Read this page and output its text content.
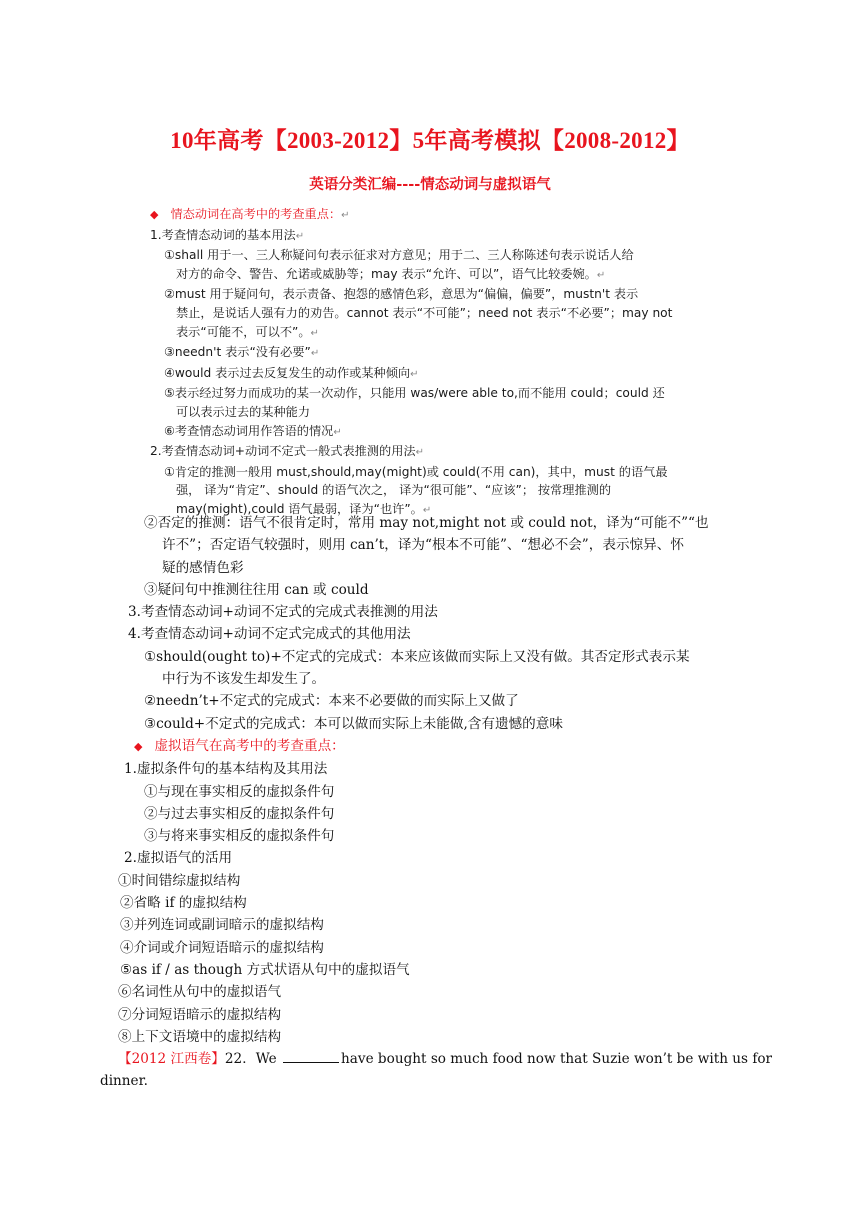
10年高考【2003-2012】5年高考模拟【2008-2012】
英语分类汇编----情态动词与虚拟语气
◆ 情态动词在高考中的考查重点：↵
1.考查情态动词的基本用法↵
①shall 用于一、三人称疑问句表示征求对方意见；用于二、三人称陈述句表示说话人给
对方的命令、警告、允诺或威胁等；may 表示“允许、可以”，语气比较委婉。↵
②must 用于疑问句，表示责备、抱怨的感情色彩，意思为“偏偏，偏要”，mustn't 表示
禁止，是说话人强有力的劝告。cannot 表示“不可能”；need not 表示“不必要”；may not
表示“可能不，可以不”。↵
③needn't 表示“没有必要”↵
④would 表示过去反复发生的动作或某种倾向↵
⑤表示经过努力而成功的某一次动作，只能用 was/were able to,而不能用 could；could 还
可以表示过去的某种能力
⑥考查情态动词用作答语的情况↵
2.考查情态动词+动词不定式一般式表推测的用法↵
①肯定的推测一般用 must,should,may(might)或 could(不用 can)，其中，must 的语气最
强， 译为“肯定”、should 的语气次之， 译为“很可能”、“应该”； 按常理推测的
may(might),could 语气最弱，译为“也许”。↵

②否定的推测：语气不很肯定时，常用 may not,might not 或 could not，译为“可能不”“也

许不”；否定语气较强时，则用 can’t，译为“根本不可能”、“想必不会”，表示惊异、怀

疑的感情色彩

③疑问句中推测往往用 can 或 could

3.考查情态动词+动词不定式的完成式表推测的用法

4.考查情态动词+动词不定式完成式的其他用法

①should(ought to)+不定式的完成式：本来应该做而实际上又没有做。其否定形式表示某

中行为不该发生却发生了。

②needn’t+不定式的完成式：本来不必要做的而实际上又做了

③could+不定式的完成式：本可以做而实际上未能做,含有遗憾的意味

◆ 虚拟语气在高考中的考查重点：

1.虚拟条件句的基本结构及其用法

①与现在事实相反的虚拟条件句

②与过去事实相反的虚拟条件句

③与将来事实相反的虚拟条件句

2.虚拟语气的活用

①时间错综虚拟结构

②省略 if 的虚拟结构

③并列连词或副词暗示的虚拟结构

④介词或介词短语暗示的虚拟结构

⑤as if / as though 方式状语从句中的虚拟语气

⑥名词性从句中的虚拟语气

⑦分词短语暗示的虚拟结构

⑧上下文语境中的虚拟结构

【2012 江西卷】22．We	have bought so much food now that Suzie won’t be with us for

dinner.
